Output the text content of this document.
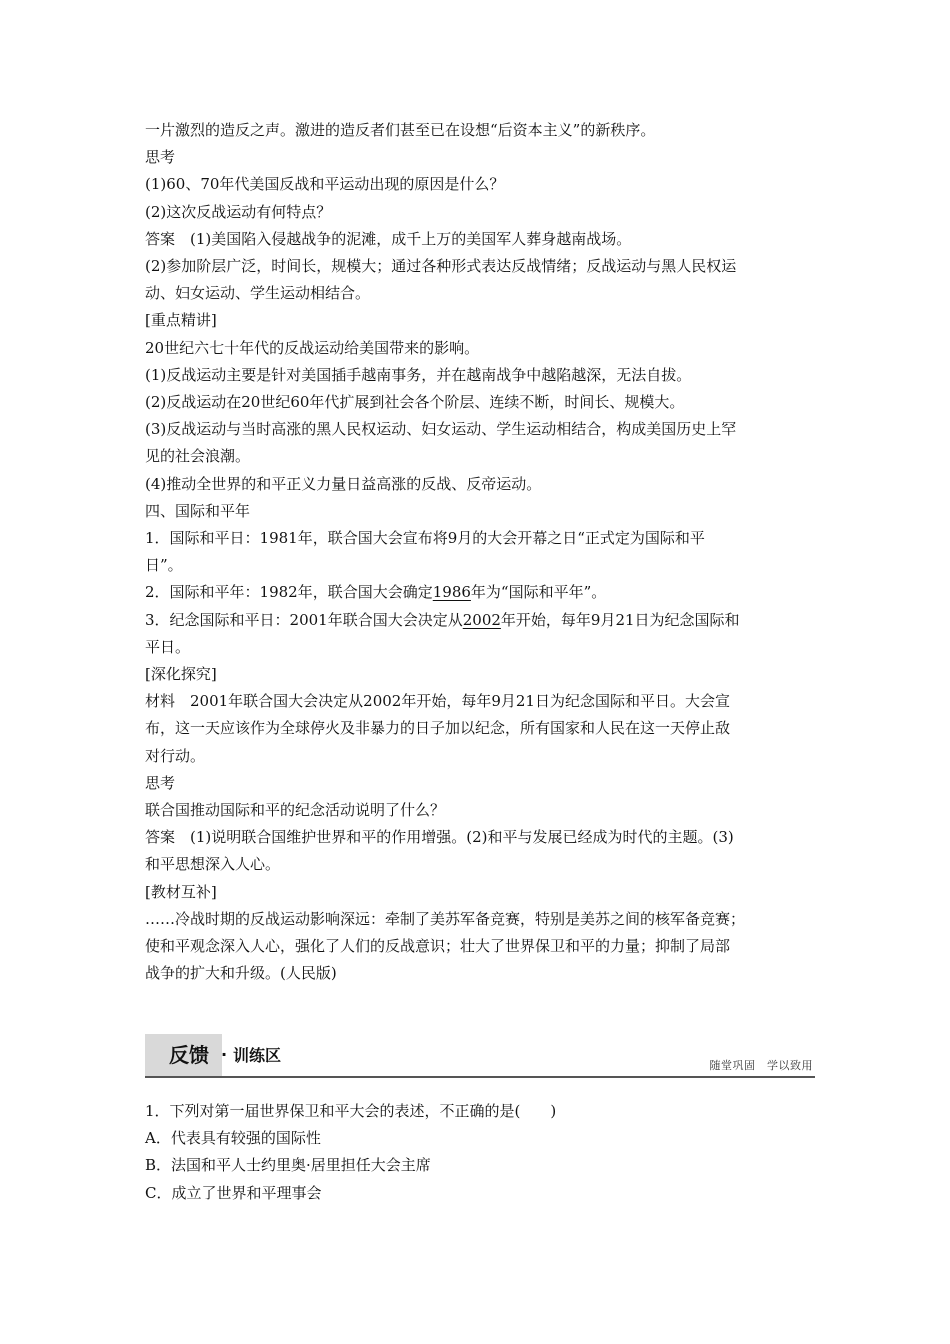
一片激烈的造反之声。激进的造反者们甚至已在设想“后资本主义”的新秩序。

思考

(1)60、70年代美国反战和平运动出现的原因是什么？

(2)这次反战运动有何特点？

答案　(1)美国陷入侵越战争的泥滩，成千上万的美国军人葬身越南战场。

(2)参加阶层广泛，时间长，规模大；通过各种形式表达反战情绪；反战运动与黑人民权运

动、妇女运动、学生运动相结合。

[重点精讲]

20世纪六七十年代的反战运动给美国带来的影响。

(1)反战运动主要是针对美国插手越南事务，并在越南战争中越陷越深，无法自拔。

(2)反战运动在20世纪60年代扩展到社会各个阶层、连续不断，时间长、规模大。

(3)反战运动与当时高涨的黑人民权运动、妇女运动、学生运动相结合，构成美国历史上罕

见的社会浪潮。

(4)推动全世界的和平正义力量日益高涨的反战、反帝运动。

四、国际和平年

1．国际和平日：1981年，联合国大会宣布将9月的大会开幕之日“正式定为国际和平

日”。

2．国际和平年：1982年，联合国大会确定1986年为“国际和平年”。

3．纪念国际和平日：2001年联合国大会决定从2002年开始，每年9月21日为纪念国际和

平日。

[深化探究]

材料　2001年联合国大会决定从2002年开始，每年9月21日为纪念国际和平日。大会宣

布，这一天应该作为全球停火及非暴力的日子加以纪念，所有国家和人民在这一天停止敌

对行动。

思考

联合国推动国际和平的纪念活动说明了什么？

答案　(1)说明联合国维护世界和平的作用增强。(2)和平与发展已经成为时代的主题。(3)

和平思想深入人心。

[教材互补]

……冷战时期的反战运动影响深远：牵制了美苏军备竞赛，特别是美苏之间的核军备竞赛；

使和平观念深入人心，强化了人们的反战意识；壮大了世界保卫和平的力量；抑制了局部

战争的扩大和升级。(人民版)

反馈 · 训练区
随堂巩固　学以致用

1．下列对第一届世界保卫和平大会的表述，不正确的是(　　)

A．代表具有较强的国际性

B．法国和平人士约里奥·居里担任大会主席

C．成立了世界和平理事会
